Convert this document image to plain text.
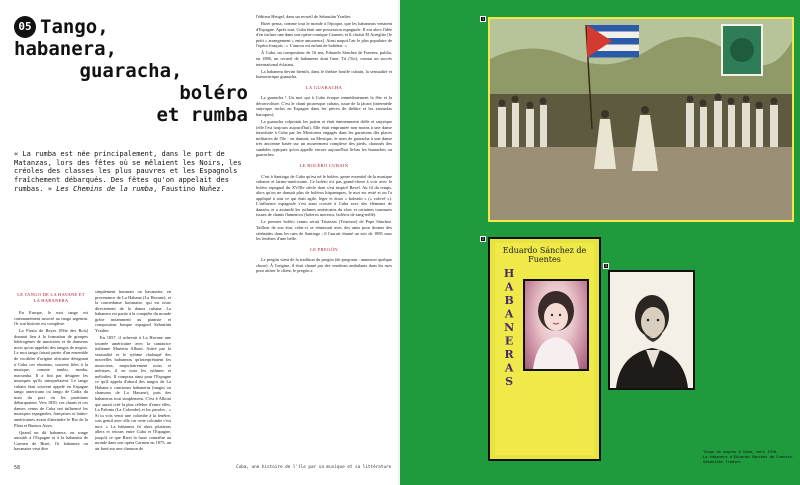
05 Tango,
habanera,
guaracha,
boléro
et rumba
« La rumba est née principalement, dans le port de Matanzas, lors des fêtes où se mêlaient les Noirs, les créoles des classes les plus pauvres et les Espagnols fraîchement débarqués. Des fêtes qu'on appelait des rumbas. » Les Chemins de la rumba, Faustino Nuñez.
LE TANGO DE LA HAVANE ET LA HABANERA

En Europe, le mot tango est communément associé au tango argentin. Or son histoire est complexe.

La Fiesta de Reyes [Fête des Rois] donnait lieu à la formation de groupes hétérogènes de musiciens et de danseurs noirs qu'on appelait des tangos de negros. Le mot tango faisait partie d'un ensemble de vocables d'origine africaine désignant à Cuba ces réunions, souvent liées à la musique, comme tambo, rumba, macumba. Il a fini par désigner les musiques qu'ils interprétaient. Le tango cubain était souvent appelé en Espagne tango americano ou tango de Cadiz du nom du port où les partitions débarquaient. Vers 1850, ces chants et ces danses venus de Cuba ont influencé les musiques espagnoles, françaises et latino-américaines avant d'atteindre le Rio de la Plata et Buenos Aires.

Quand on dit habanera, on songe aussitôt à l'Espagne et à la habanera de Carmen de Bizet. Or habanera ou havanaise veut dire

simplement havanais ou havanaise, en provenance de La Habana (La Havane), et la contredanse havanaise, qui est issue directement de la danza cubana. La habanera est partie à la conquête du monde grâce notamment au pianiste et compositeur basque espagnol Sebastián Yradier.

En 1857, il achevait à La Havane une tournée américaine avec la cantatrice italienne Marietta Alboni. Attiré par la sensualité et le rythme chaloupé des nouvelles habaneras qu'interprétaient les musiciens, majoritairement noirs et métisses, il en nota les rythmes et mélodies. Il composa ainsi pour l'Espagne ce qu'il appela d'abord des tangos de La Habana o canciones habaneras (tangos ou chansons de La Havane), puis des habaneras tout simplement. C'est à Alboni qui aurait créé la plus célèbre d'entre elles, La Paloma (La Colombe) et les paroles : « Si tu vois venir une colombe à la fenêtre, sois gentil avec elle car cette colombe c'est moi. » La habanera fit alors plusieurs allers et retours entre Cuba et l'Espagne, jusqu'à ce que Bizet la fasse connaître au monde dans son opéra Carmen en 1875, un air basé sur une chanson de

l'éditeur Heugel, dans un recueil de Sebastián Yradier.

Bizet pensa, comme tout le monde à l'époque, que les habaneras venaient d'Espagne. Après tout, Cuba était une possession espagnole. Il eut alors l'idée d'en inclure une dans son opéra-comique Carmen, et il choisit El Arreglito [le petit « arrangement » entre amoureux]. Ainsi naquit l'air le plus populaire de l'opéra français : « L'amour est enfant de bohème. »

À Cuba, un compositeur de 16 ans, Eduardo Sánchez de Fuentes, publia, en 1886, un recueil de habaneras dont l'une, Tú (Toi), connut un succès international éclatant.

La habanera devint bientôt, dans le théâtre bouffe cubain, la sensualité et humoristique guaracha.

LA GUARACHA

La guaracha ! Un mot qui à Cuba évoque immédiatement la fête et la déconvolture. C'est le chant picaresque cubain, issue de la jácara (intermède satyrique inclus en Espagne dans les pièces de théâtre et les zarzuelas baroques).

La guaracha colportait les potins et était éminemment drôle et satyrique (elle l'est toujours aujourd'hui). Elle était empruntée non moins à une danse introduite à Cuba par les Mexicains engagés dans les garnisons des places militaires de l'île : on dansait, au Mexique, le nom de guaracha à une danse très ancienne basée sur un mouvement complexe des pieds, chaussés des sandales typiques qu'on appelle encore aujourd'hui là-bas les huaraches ou guaraches.

LE BOLÉRO CUBAIN

C'est à Santiago de Cuba qu'est né le boléro, genre essentiel de la musique cubaine et latino-américaine. Ce boléro n'a pas grand-chose à voir avec le boléro espagnol du XVIIIe siècle dont s'est inspiré Ravel. Au fil du temps, alors qu'on ne dansait plus de boléros hispaniques, le mot est resté et on l'a appliqué à tout ce qui était agile, léger et doux « boleado » (« volevé »). L'influence espagnole s'est ainsi croisée à Cuba avec des éléments de danzón, et a assimilé les rythmes américains du slow et certaines tournures issues de chants flamencos (boleros moreros, boléros de sang-mêlé).

Le premier boléro connu serait Tristezas (Tristesse) de Pepe Sánchez. Tailleur de son état, celui-ci se réunissait avec des amis pour donner des sérénades dans les rues de Santiago ; il l'aurait chanté un soir de 1885 sous les fenêtres d'une belle.

LE PREGÓN

Le pregón vient de la tradition du pregón (de pregonar : annoncer quelque chose). À l'origine, il était chanté par des vendeurs ambulants dans les rues pour attirer le client, le pregón a

58	Cuba, une histoire de l'île par sa musique et sa littérature
1
2
Eduardo Sánchez de Fuentes
HABANERAS
3
Tango de negros à Cuba, vers 1910.
La habanera d'Eduardo Sánchez de Fuentes.
Sebastián Yradier.
